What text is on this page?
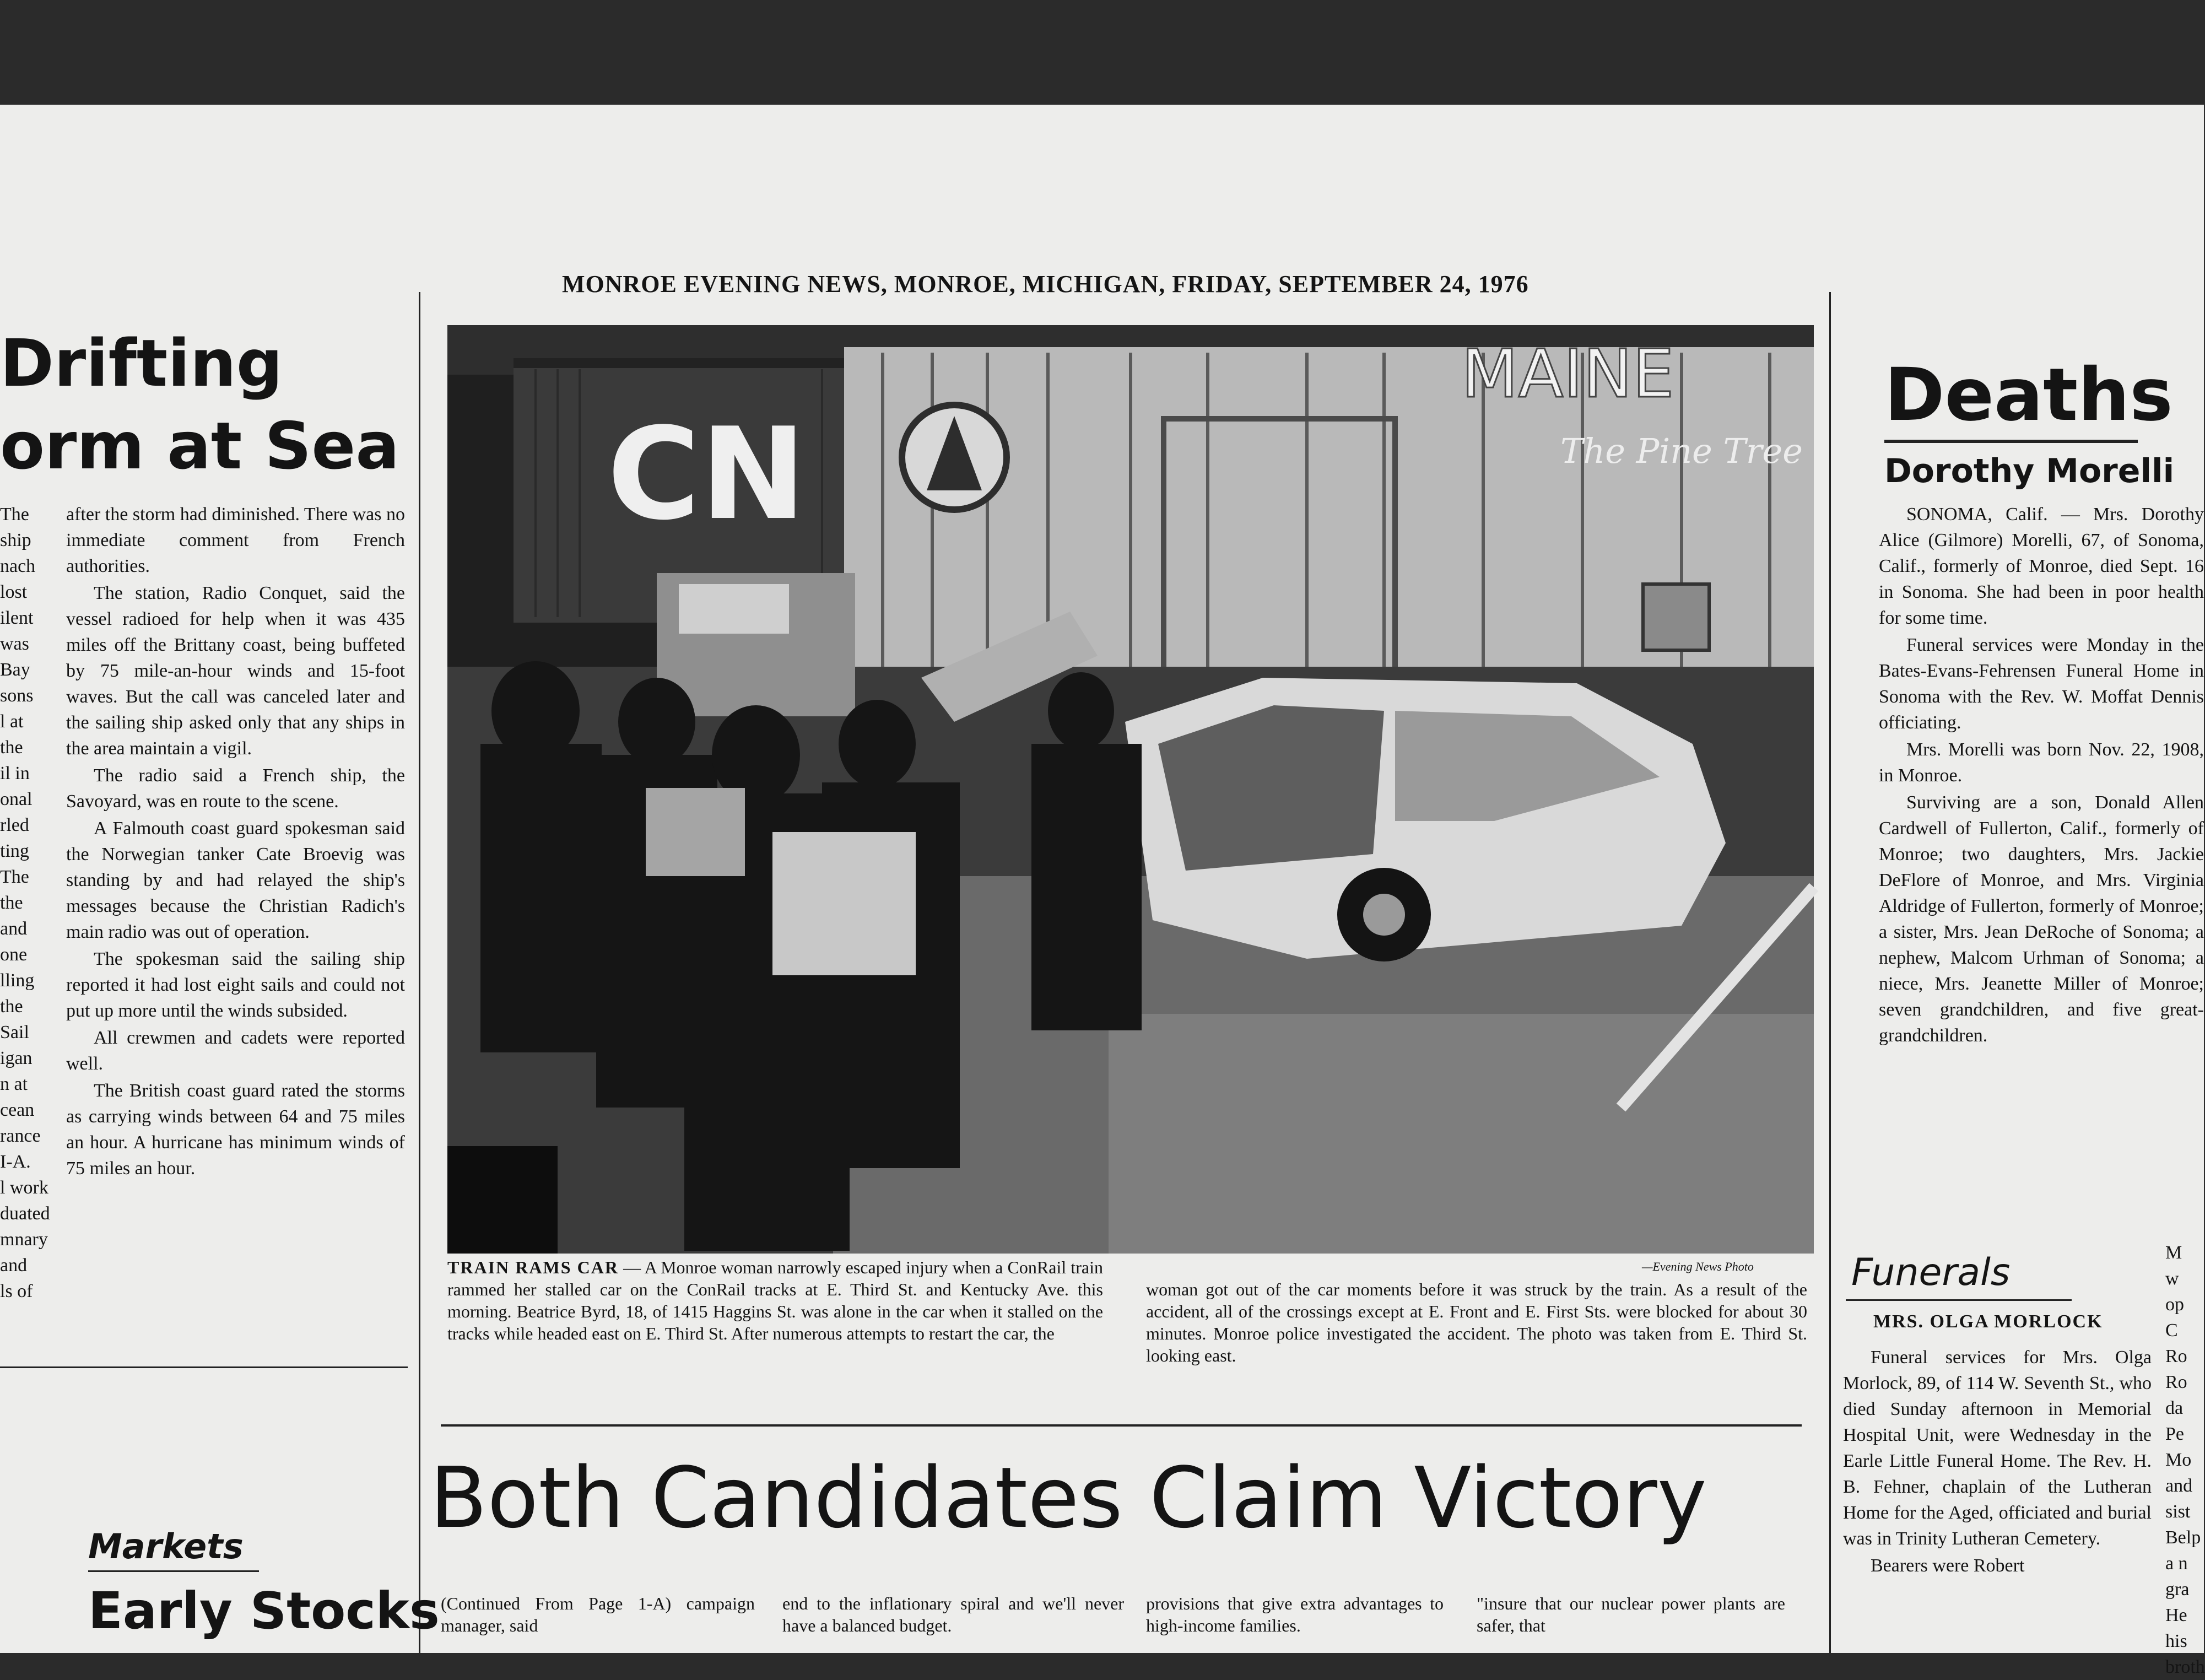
MONROE EVENING NEWS, MONROE, MICHIGAN, FRIDAY, SEPTEMBER 24, 1976
Drifting
orm at Sea
The
ship
nach
lost
ilent
was
Bay
sons
l at
the
il in
onal
rled
ting
The
the
and
one
lling
the
Sail
igan
n at
cean
rance
I-A.
l work
duated
mnary
and
ls of

after the storm had diminished. There was no immediate comment from French authorities.

The station, Radio Conquet, said the vessel radioed for help when it was 435 miles off the Brittany coast, being buffeted by 75 mile-an-hour winds and 15-foot waves. But the call was canceled later and the sailing ship asked only that any ships in the area maintain a vigil.

The radio said a French ship, the Savoyard, was en route to the scene.

A Falmouth coast guard spokesman said the Norwegian tanker Cate Broevig was standing by and had relayed the ship's messages because the Christian Radich's main radio was out of operation.

The spokesman said the sailing ship reported it had lost eight sails and could not put up more until the winds subsided.

All crewmen and cadets were reported well.

The British coast guard rated the storms as carrying winds between 64 and 75 miles an hour. A hurricane has minimum winds of 75 miles an hour.

Markets
Early Stocks
CN
MAINE
The Pine Tree
—Evening News Photo
TRAIN RAMS CAR — A Monroe woman narrowly escaped injury when a ConRail train rammed her stalled car on the ConRail tracks at E. Third St. and Kentucky Ave. this morning. Beatrice Byrd, 18, of 1415 Haggins St. was alone in the car when it stalled on the tracks while headed east on E. Third St. After numerous attempts to restart the car, the
woman got out of the car moments before it was struck by the train. As a result of the accident, all of the crossings except at E. Front and E. First Sts. were blocked for about 30 minutes. Monroe police investigated the accident. The photo was taken from E. Third St. looking east.
Both Candidates Claim Victory
(Continued From Page 1-A) campaign manager, said
end to the inflationary spiral and we'll never have a balanced budget.
provisions that give extra advantages to high-income families.
"insure that our nuclear power plants are safer, that
Deaths
Dorothy Morelli

SONOMA, Calif. — Mrs. Dorothy Alice (Gilmore) Morelli, 67, of Sonoma, Calif., formerly of Monroe, died Sept. 16 in Sonoma. She had been in poor health for some time.

Funeral services were Monday in the Bates-Evans-Fehrensen Funeral Home in Sonoma with the Rev. W. Moffat Dennis officiating.

Mrs. Morelli was born Nov. 22, 1908, in Monroe.

Surviving are a son, Donald Allen Cardwell of Fullerton, Calif., formerly of Monroe; two daughters, Mrs. Jackie DeFlore of Monroe, and Mrs. Virginia Aldridge of Fullerton, formerly of Monroe; a sister, Mrs. Jean DeRoche of Sonoma; a nephew, Malcom Urhman of Sonoma; a niece, Mrs. Jeanette Miller of Monroe; seven grandchildren, and five great-grandchildren.

Funerals
MRS. OLGA MORLOCK

Funeral services for Mrs. Olga Morlock, 89, of 114 W. Seventh St., who died Sunday afternoon in Memorial Hospital Unit, were Wednesday in the Earle Little Funeral Home. The Rev. H. B. Fehner, chaplain of the Lutheran Home for the Aged, officiated and burial was in Trinity Lutheran Cemetery.

Bearers were Robert

M
w
op
C
Ro
Ro
da
Pe
Mo
and
sist
Belp
a n
gra
He
his
broth
